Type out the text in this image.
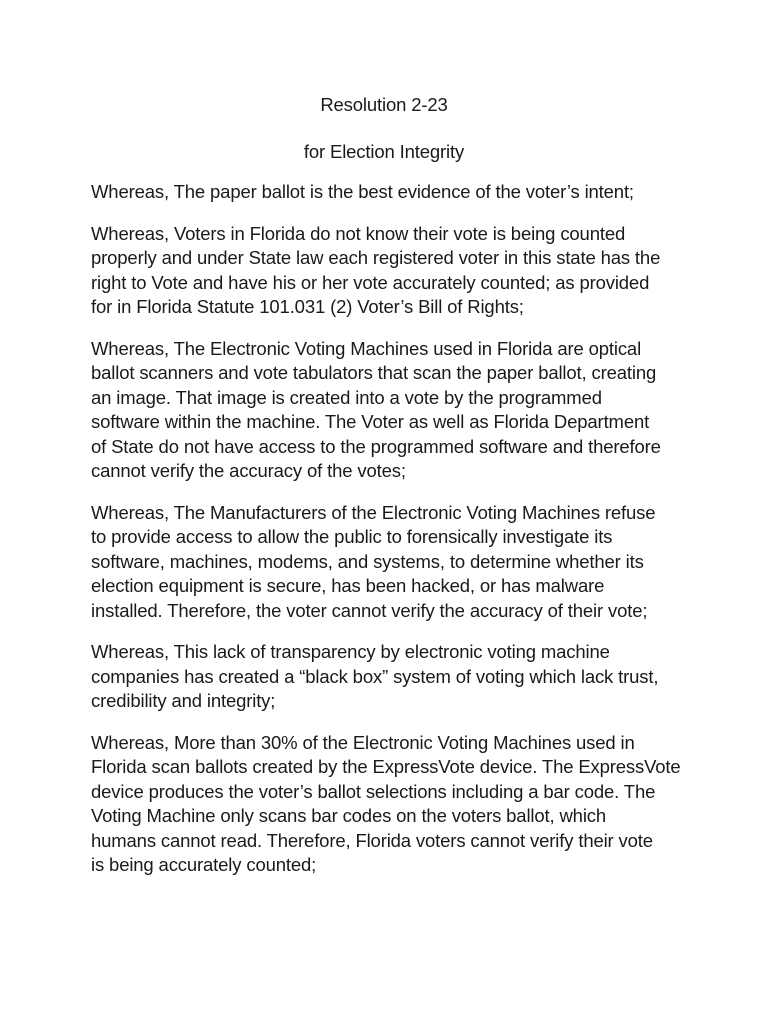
Resolution 2-23
for Election Integrity

Whereas, The paper ballot is the best evidence of the voter’s intent;

Whereas, Voters in Florida do not know their vote is being counted
properly and under State law each registered voter in this state has the
right to Vote and have his or her vote accurately counted; as provided
for in Florida Statute 101.031 (2) Voter’s Bill of Rights;

Whereas, The Electronic Voting Machines used in Florida are optical
ballot scanners and vote tabulators that scan the paper ballot, creating
an image. That image is created into a vote by the programmed
software within the machine. The Voter as well as Florida Department
of State do not have access to the programmed software and therefore
cannot verify the accuracy of the votes;

Whereas, The Manufacturers of the Electronic Voting Machines refuse
to provide access to allow the public to forensically investigate its
software, machines, modems, and systems, to determine whether its
election equipment is secure, has been hacked, or has malware
installed. Therefore, the voter cannot verify the accuracy of their vote;

Whereas, This lack of transparency by electronic voting machine
companies has created a “black box” system of voting which lack trust,
credibility and integrity;

Whereas, More than 30% of the Electronic Voting Machines used in
Florida scan ballots created by the ExpressVote device. The ExpressVote
device produces the voter’s ballot selections including a bar code. The
Voting Machine only scans bar codes on the voters ballot, which
humans cannot read. Therefore, Florida voters cannot verify their vote
is being accurately counted;
